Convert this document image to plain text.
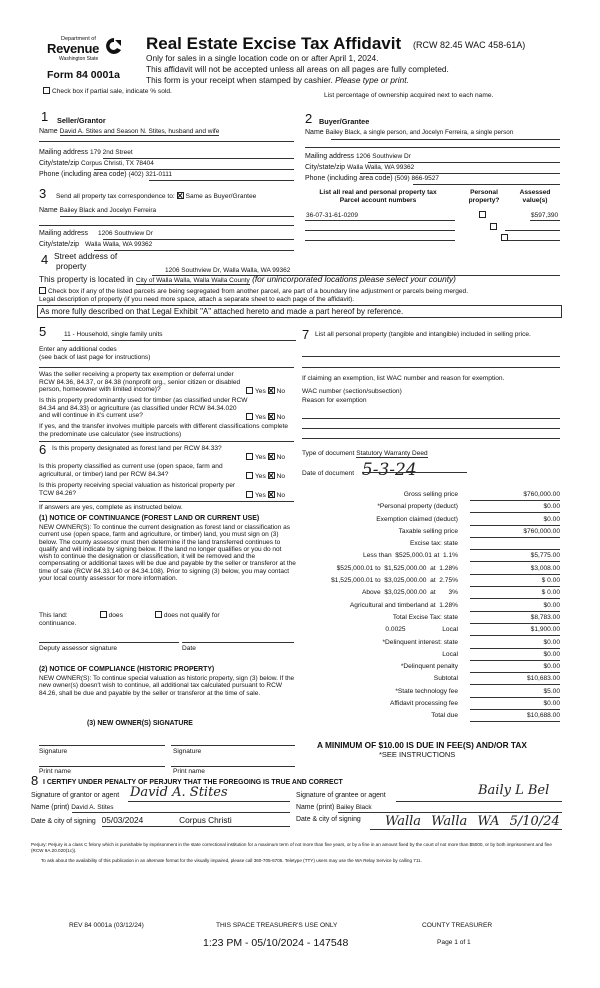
Department of
Revenue
Washington State
Form 84 0001a
Real Estate Excise Tax Affidavit (RCW 82.45 WAC 458-61A)
Only for sales in a single location code on or after April 1, 2024.
This affidavit will not be accepted unless all areas on all pages are fully completed.
This form is your receipt when stamped by cashier. Please type or print.
Check box if partial sale, indicate % sold.
List percentage of ownership acquired next to each name.
1 Seller/Grantor
Name David A. Stites and Season N. Stites, husband and wife
Mailing address 179 2nd Street
City/state/zip Corpus Christi, TX 78404
Phone (including area code) (402) 321-0111
2 Buyer/Grantee
Name Bailey Black, a single person, and Jocelyn Ferreira, a single person
Mailing address 1206 Southview Dr
City/state/zip Walla Walla, WA 99362
Phone (including area code) (509) 866-9527
3 Send all property tax correspondence to: Same as Buyer/Grantee
Name Bailey Black and Jocelyn Ferreira
Mailing address 1206 Southview Dr
City/state/zip Walla Walla, WA 99362
List all real and personal property tax
Parcel account numbers
Personal
property?
Assessed
value(s)
36-07-31-61-0209	$597,390

4 Street address of
property	1206 Southview Dr, Walla Walla, WA 99362
This property is located in City of Walla Walla, Walla Walla County (for unincorporated locations please select your county)
Check box if any of the listed parcels are being segregated from another parcel, are part of a boundary line adjustment or parcels being merged.
Legal description of property (if you need more space, attach a separate sheet to each page of the affidavit).
As more fully described on that Legal Exhibit "A" attached hereto and made a part hereof by reference.
5	11 - Household, single family units
Enter any additional codes
(see back of last page for instructions)
Was the seller receiving a property tax exemption or deferral under RCW 84.36, 84.37, or 84.38 (nonprofit org., senior citizen or disabled person, homeowner with limited income)?	Yes No
Is this property predominantly used for timber (as classified under RCW 84.34 and 84.33) or agriculture (as classified under RCW 84.34.020 and will continue in it's current use?	Yes No
If yes, and the transfer involves multiple parcels with different classifications complete the predominate use calculator (see instructions)
6 Is this property designated as forest land per RCW 84.33?
Yes No
Is this property classified as current use (open space, farm and agricultural, or timber) land per RCW 84.34?	Yes No
Is this property receiving special valuation as historical property per TCW 84.26?	Yes No
If answers are yes, complete as instructed below.
(1) NOTICE OF CONTINUANCE (FOREST LAND OR CURRENT USE)
NEW OWNER(S): To continue the current designation as forest land or classification as current use (open space, farm and agriculture, or timber) land, you must sign on (3) below. The county assessor must then determine if the land transferred continues to qualify and will indicate by signing below. If the land no longer qualifies or you do not wish to continue the designation or classification, it will be removed and the compensating or additional taxes will be due and payable by the seller or transferor at the time of sale (RCW 84.33.140 or 84.34.108). Prior to signing (3) below, you may contact your local county assessor for more information.
This land:	does	does not qualify for
continuance.
Deputy assessor signature	Date
(2) NOTICE OF COMPLIANCE (HISTORIC PROPERTY)
NEW OWNER(S): To continue special valuation as historic property, sign (3) below. If the new owner(s) doesn't wish to continue, all additional tax calculated pursuant to RCW 84.26, shall be due and payable by the seller or transferor at the time of sale.
(3) NEW OWNER(S) SIGNATURE
Signature	Signature
Print name	Print name
7 List all personal property (tangible and intangible) included in selling price.
If claiming an exemption, list WAC number and reason for exemption.
WAC number (section/subsection)
Reason for exemption
Type of document Statutory Warranty Deed
Date of document 5-3-24
Gross selling price	$760,000.00
*Personal property (deduct)	$0.00
Exemption claimed (deduct)	$0.00
Taxable selling price	$760,000.00
Excise tax: state
Less than  $525,000.01 at  1.1%	$5,775.00
$525,000.01 to  $1,525,000.00  at  1.28%	$3,008.00
$1,525,000.01 to  $3,025,000.00  at  2.75%	$ 0.00
Above  $3,025,000.00  at       3%	$ 0.00
Agricultural and timberland at  1.28%	$0.00
Total Excise Tax: state	$8,783.00
0.0025                    Local	$1,900.00
*Delinquent interest: state	$0.00
Local	$0.00
*Delinquent penalty	$0.00
Subtotal	$10,683.00
*State technology fee	$5.00
Affidavit processing fee	$0.00
Total due	$10,688.00
A MINIMUM OF $10.00 IS DUE IN FEE(S) AND/OR TAX
*SEE INSTRUCTIONS
8 I CERTIFY UNDER PENALTY OF PERJURY THAT THE FOREGOING IS TRUE AND CORRECT
Signature of grantor or agent David A. Stites
Name (print) David A. Stites
Date & city of signing 05/03/2024	Corpus Christi
Signature of grantee or agent	Baily L Bel
Name (print) Bailey Black
Date & city of signing Walla Walla WA 5/10/24
Perjury: Perjury is a class C felony which is punishable by imprisonment in the state correctional institution for a maximum term of not more than five years, or by a fine in an amount fixed by the court of not more than $5000, or by both imprisonment and fine (RCW 9A.20.020(1c)).
To ask about the availability of this publication in an alternate format for the visually impaired, please call 360-705-6705. Teletype (TTY) users may use the WA Relay Service by calling 711.
REV 84 0001a (03/12/24)	THIS SPACE TREASURER'S USE ONLY	COUNTY TREASURER
1:23 PM - 05/10/2024 - 147548	Page 1 of 1
